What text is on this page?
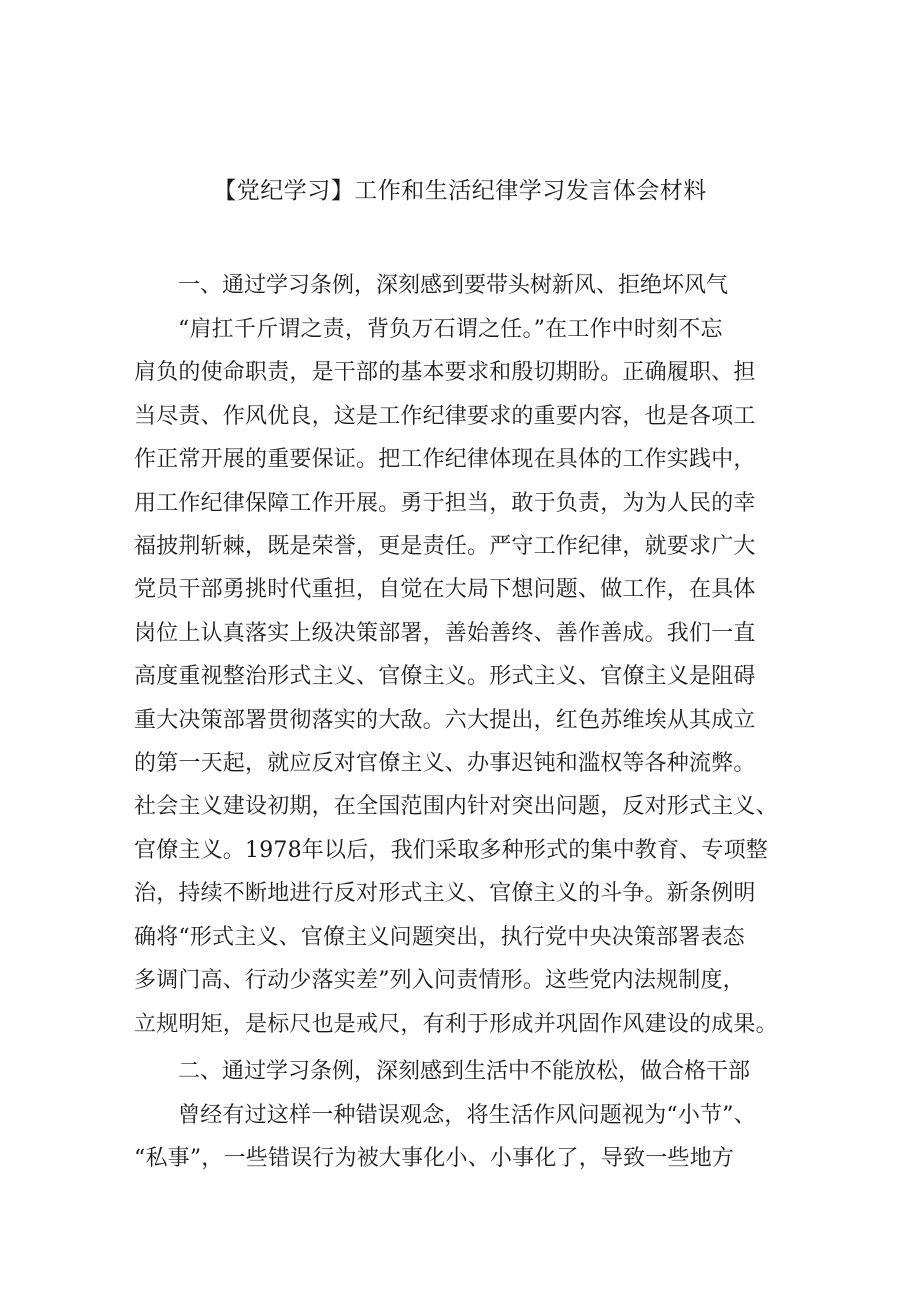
【党纪学习】工作和生活纪律学习发言体会材料

一、通过学习条例，深刻感到要带头树新风、拒绝坏风气

“肩扛千斤谓之责，背负万石谓之任。”在工作中时刻不忘
肩负的使命职责，是干部的基本要求和殷切期盼。正确履职、担
当尽责、作风优良，这是工作纪律要求的重要内容，也是各项工
作正常开展的重要保证。把工作纪律体现在具体的工作实践中，
用工作纪律保障工作开展。勇于担当，敢于负责，为为人民的幸
福披荆斩棘，既是荣誉，更是责任。严守工作纪律，就要求广大
党员干部勇挑时代重担，自觉在大局下想问题、做工作，在具体
岗位上认真落实上级决策部署，善始善终、善作善成。我们一直
高度重视整治形式主义、官僚主义。形式主义、官僚主义是阻碍
重大决策部署贯彻落实的大敌。六大提出，红色苏维埃从其成立
的第一天起，就应反对官僚主义、办事迟钝和滥权等各种流弊。
社会主义建设初期，在全国范围内针对突出问题，反对形式主义、
官僚主义。1978年以后，我们采取多种形式的集中教育、专项整
治，持续不断地进行反对形式主义、官僚主义的斗争。新条例明
确将“形式主义、官僚主义问题突出，执行党中央决策部署表态
多调门高、行动少落实差”列入问责情形。这些党内法规制度，
立规明矩，是标尺也是戒尺，有利于形成并巩固作风建设的成果。

二、通过学习条例，深刻感到生活中不能放松，做合格干部

曾经有过这样一种错误观念，将生活作风问题视为“小节”、
“私事”，一些错误行为被大事化小、小事化了，导致一些地方
